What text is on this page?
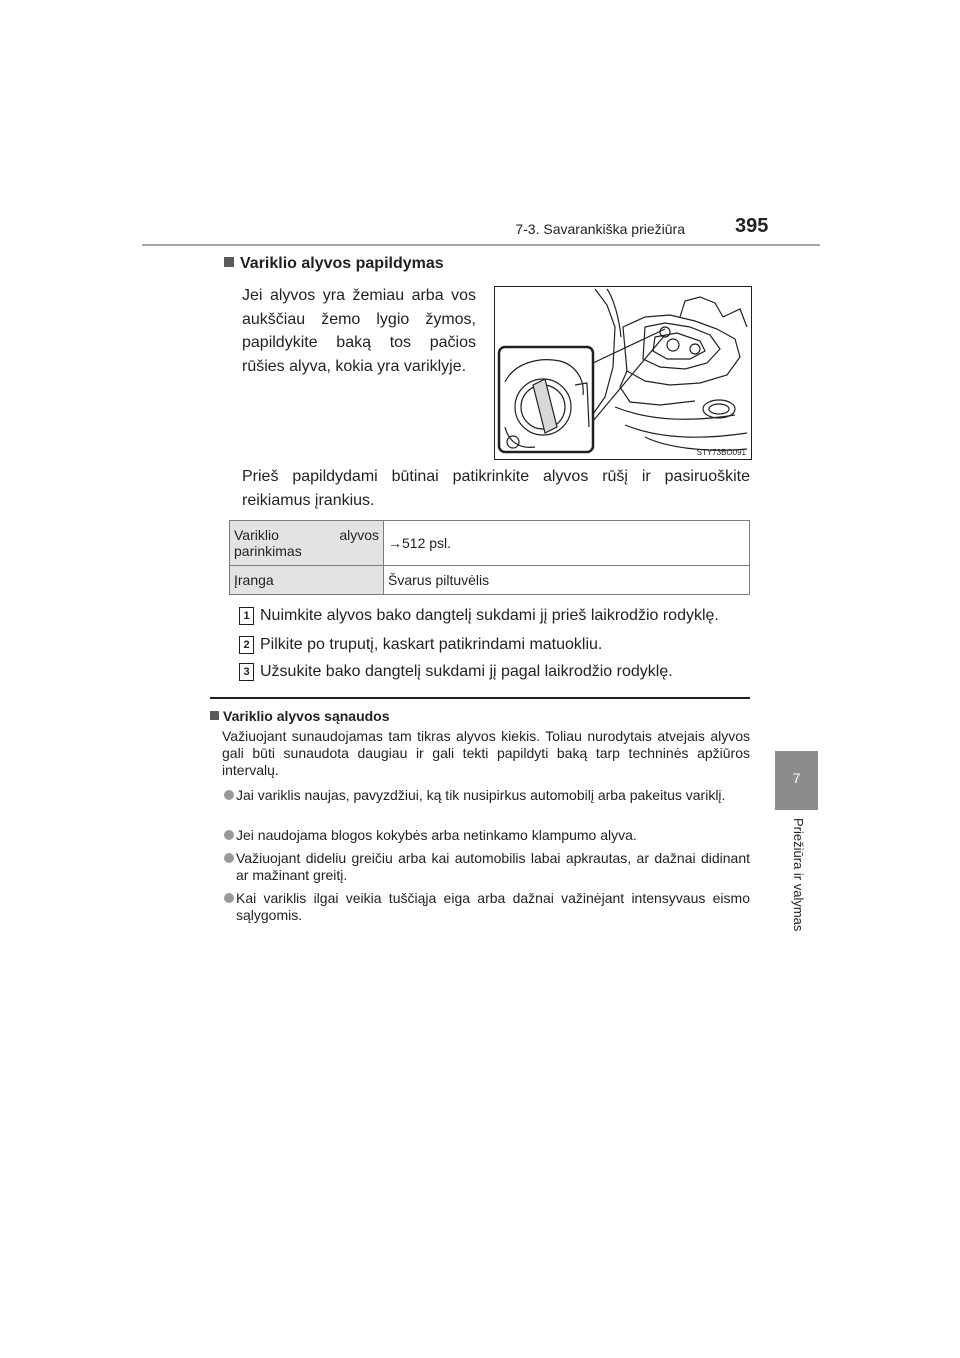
7-3. Savarankiška priežiūra	395
7
Priežiūra ir valymas
Variklio alyvos papildymas
Jei alyvos yra žemiau arba vos aukščiau žemo lygio žymos, papildykite baką tos pačios rūšies alyva, kokia yra variklyje.
STY73BO091
Prieš papildydami būtinai patikrinkite alyvos rūšį ir pasiruoškite reikiamus įrankius.
Variklio alyvos parinkimas	→512 psl.
Įranga	Švarus piltuvėlis
1 Nuimkite alyvos bako dangtelį sukdami jį prieš laikrodžio rodyklę.
2 Pilkite po truputį, kaskart patikrindami matuokliu.
3 Užsukite bako dangtelį sukdami jį pagal laikrodžio rodyklę.
Variklio alyvos sąnaudos
Važiuojant sunaudojamas tam tikras alyvos kiekis. Toliau nurodytais atvejais alyvos gali būti sunaudota daugiau ir gali tekti papildyti baką tarp techninės apžiūros intervalų.
Jai variklis naujas, pavyzdžiui, ką tik nusipirkus automobilį arba pakeitus variklį.
Jei naudojama blogos kokybės arba netinkamo klampumo alyva.
Važiuojant dideliu greičiu arba kai automobilis labai apkrautas, ar dažnai didinant ar mažinant greitį.
Kai variklis ilgai veikia tuščiąja eiga arba dažnai važinėjant intensyvaus eismo sąlygomis.
